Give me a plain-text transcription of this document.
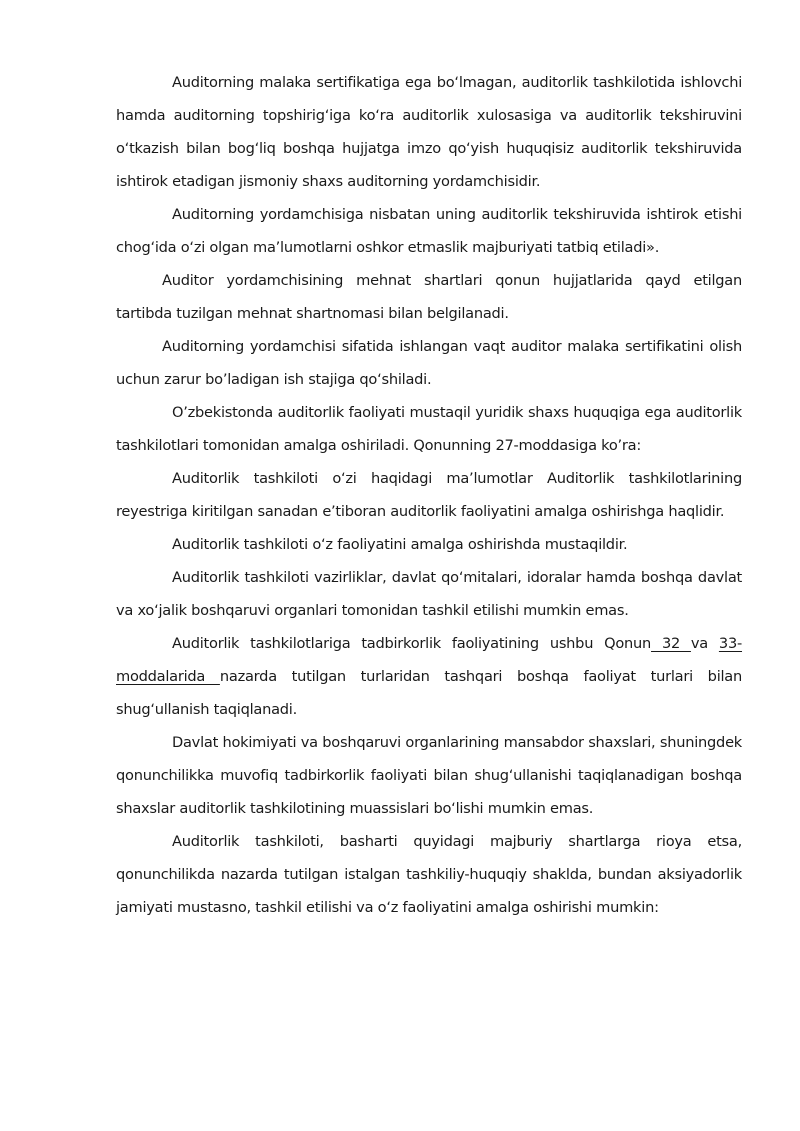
Auditorning malaka sertifikatiga ega bo‘lmagan, auditorlik tashkilotida ishlovchi hamda auditorning topshirig‘iga ko‘ra auditorlik xulosasiga va auditorlik tekshiruvini o‘tkazish bilan bog‘liq boshqa hujjatga imzo qo‘yish huquqisiz auditorlik tekshiruvida ishtirok etadigan jismoniy shaxs auditorning yordamchisidir.

Auditorning yordamchisiga nisbatan uning auditorlik tekshiruvida ishtirok etishi chog‘ida o‘zi olgan ma’lumotlarni oshkor etmaslik majburiyati tatbiq etiladi».

Auditor yordamchisining mehnat shartlari qonun hujjatlarida qayd etilgan tartibda tuzilgan mehnat shartnomasi bilan belgilanadi.

Auditorning yordamchisi sifatida ishlangan vaqt auditor malaka sertifikatini olish uchun zarur bo’ladigan ish stajiga qo‘shiladi.

O’zbekistonda auditorlik faoliyati mustaqil yuridik shaxs huquqiga ega auditorlik tashkilotlari tomonidan amalga oshiriladi. Qonunning 27-moddasiga ko’ra:

Auditorlik tashkiloti o‘zi haqidagi ma’lumotlar Auditorlik tashkilotlarining reyestriga kiritilgan sanadan e’tiboran auditorlik faoliyatini amalga oshirishga haqlidir.

Auditorlik tashkiloti o‘z faoliyatini amalga oshirishda mustaqildir.

Auditorlik tashkiloti vazirliklar, davlat qo‘mitalari, idoralar hamda boshqa davlat va xo‘jalik boshqaruvi organlari tomonidan tashkil etilishi mumkin emas.

Auditorlik tashkilotlariga tadbirkorlik faoliyatining ushbu Qonun 32 va 33-moddalarida nazarda tutilgan turlaridan tashqari boshqa faoliyat turlari bilan shug‘ullanish taqiqlanadi.

Davlat hokimiyati va boshqaruvi organlarining mansabdor shaxslari, shuningdek qonunchilikka muvofiq tadbirkorlik faoliyati bilan shug‘ullanishi taqiqlanadigan boshqa shaxslar auditorlik tashkilotining muassislari bo‘lishi mumkin emas.

Auditorlik tashkiloti, basharti quyidagi majburiy shartlarga rioya etsa, qonunchilikda nazarda tutilgan istalgan tashkiliy-huquqiy shaklda, bundan aksiyadorlik jamiyati mustasno, tashkil etilishi va o‘z faoliyatini amalga oshirishi mumkin:
